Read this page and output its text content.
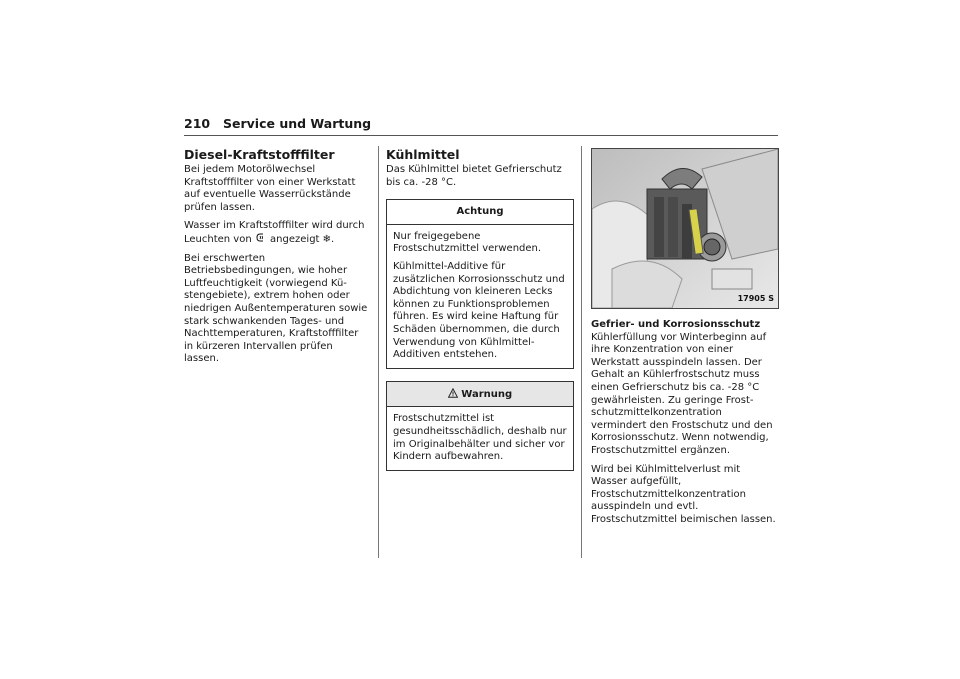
210 Service und Wartung
Diesel-Kraftstofffilter

Bei jedem Motorölwechsel Kraftstofffilter von einer Werkstatt auf eventuelle Wasserrückstände prüfen lassen.

Wasser im Kraftstofffilter wird durch Leuchten von  angezeigt ❄.

Bei erschwerten Betriebsbedingungen, wie hoher Luftfeuchtigkeit (vorwiegend Küstengebiete), extrem hohen oder niedrigen Außentemperaturen sowie stark schwankenden Tages- und Nachttemperaturen, Kraftstofffilter in kürzeren Intervallen prüfen lassen.

Kühlmittel

Das Kühlmittel bietet Gefrierschutz bis ca. -28 °C.

Achtung

Nur freigegebene Frostschutzmittel verwenden.

Kühlmittel-Additive für zusätzlichen Korrosionsschutz und Abdichtung von kleineren Lecks können zu Funktionsproblemen führen. Es wird keine Haftung für Schäden übernommen, die durch Verwendung von Kühlmittel-Additiven entstehen.

Warnung

Frostschutzmittel ist gesundheitsschädlich, deshalb nur im Originalbehälter und sicher vor Kindern aufbewahren.

17905 S
Gefrier- und Korrosionsschutz

Kühlerfüllung vor Winterbeginn auf ihre Konzentration von einer Werkstatt ausspindeln lassen. Der Gehalt an Kühlerfrostschutz muss einen Gefrierschutz bis ca. -28 °C gewährleisten. Zu geringe Frostschutzmittelkonzentration vermindert den Frostschutz und den Korrosionsschutz. Wenn notwendig, Frostschutzmittel ergänzen.

Wird bei Kühlmittelverlust mit Wasser aufgefüllt, Frostschutzmittelkonzentration ausspindeln und evtl. Frostschutzmittel beimischen lassen.
